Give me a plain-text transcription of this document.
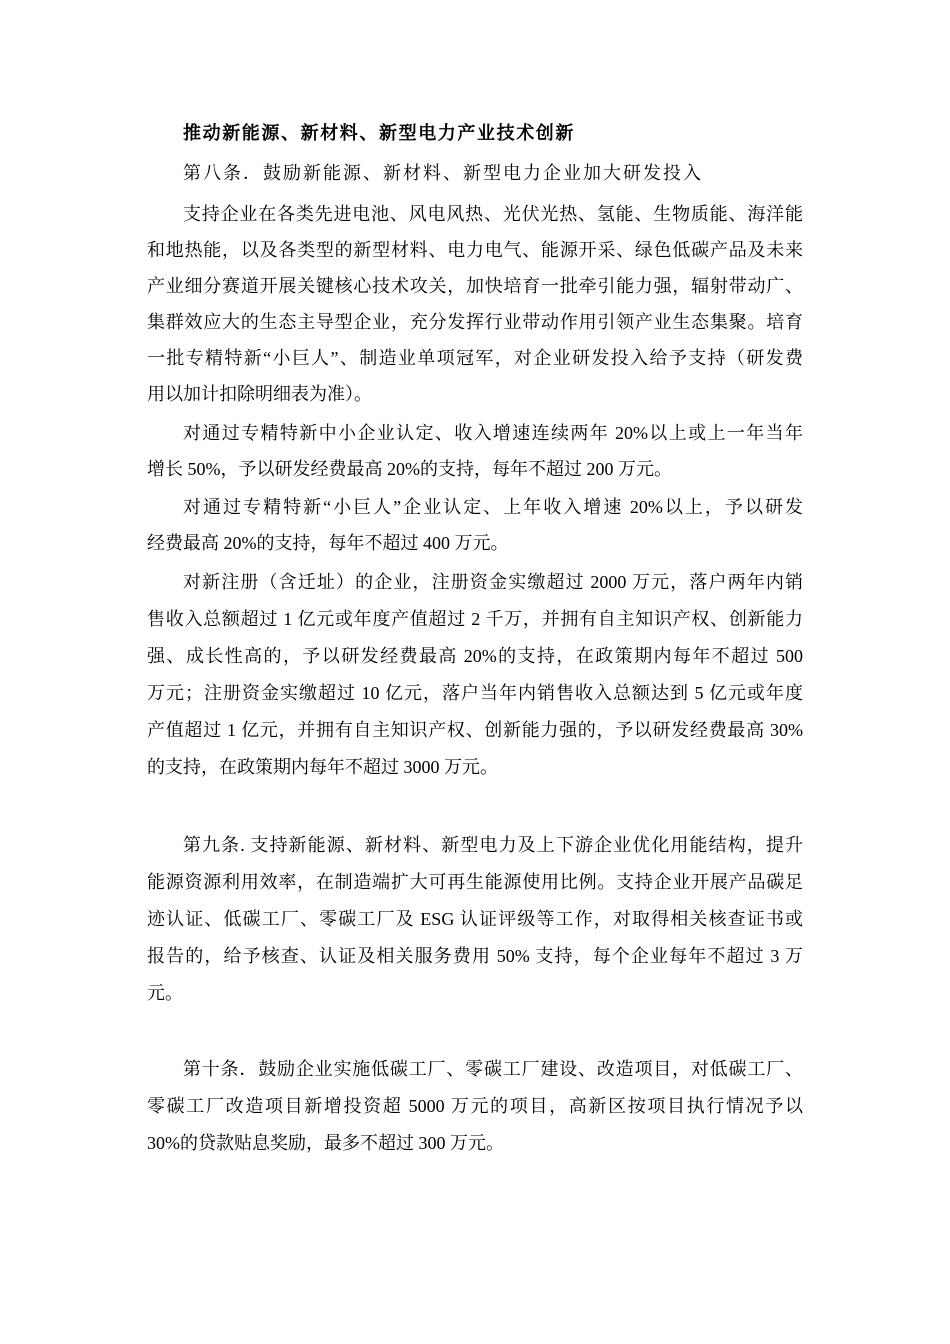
推动新能源、新材料、新型电力产业技术创新
第八条．鼓励新能源、新材料、新型电力企业加大研发投入
支持企业在各类先进电池、风电风热、光伏光热、氢能、生物质能、海洋能
和地热能，以及各类型的新型材料、电力电气、能源开采、绿色低碳产品及未来
产业细分赛道开展关键核心技术攻关，加快培育一批牵引能力强，辐射带动广、
集群效应大的生态主导型企业，充分发挥行业带动作用引领产业生态集聚。培育
一批专精特新“小巨人”、制造业单项冠军，对企业研发投入给予支持（研发费
用以加计扣除明细表为准）。
对通过专精特新中小企业认定、收入增速连续两年 20%以上或上一年当年
增长 50%，予以研发经费最高 20%的支持，每年不超过 200 万元。
对通过专精特新“小巨人”企业认定、上年收入增速 20%以上，予以研发
经费最高 20%的支持，每年不超过 400 万元。
对新注册（含迁址）的企业，注册资金实缴超过 2000 万元，落户两年内销
售收入总额超过 1 亿元或年度产值超过 2 千万，并拥有自主知识产权、创新能力
强、成长性高的，予以研发经费最高 20%的支持，在政策期内每年不超过 500
万元；注册资金实缴超过 10 亿元，落户当年内销售收入总额达到 5 亿元或年度
产值超过 1 亿元，并拥有自主知识产权、创新能力强的，予以研发经费最高 30%
的支持，在政策期内每年不超过 3000 万元。
第九条. 支持新能源、新材料、新型电力及上下游企业优化用能结构，提升
能源资源利用效率，在制造端扩大可再生能源使用比例。支持企业开展产品碳足
迹认证、低碳工厂、零碳工厂及 ESG 认证评级等工作，对取得相关核查证书或
报告的，给予核查、认证及相关服务费用 50% 支持，每个企业每年不超过 3 万
元。
第十条．鼓励企业实施低碳工厂、零碳工厂建设、改造项目，对低碳工厂、
零碳工厂改造项目新增投资超 5000 万元的项目，高新区按项目执行情况予以
30%的贷款贴息奖励，最多不超过 300 万元。
